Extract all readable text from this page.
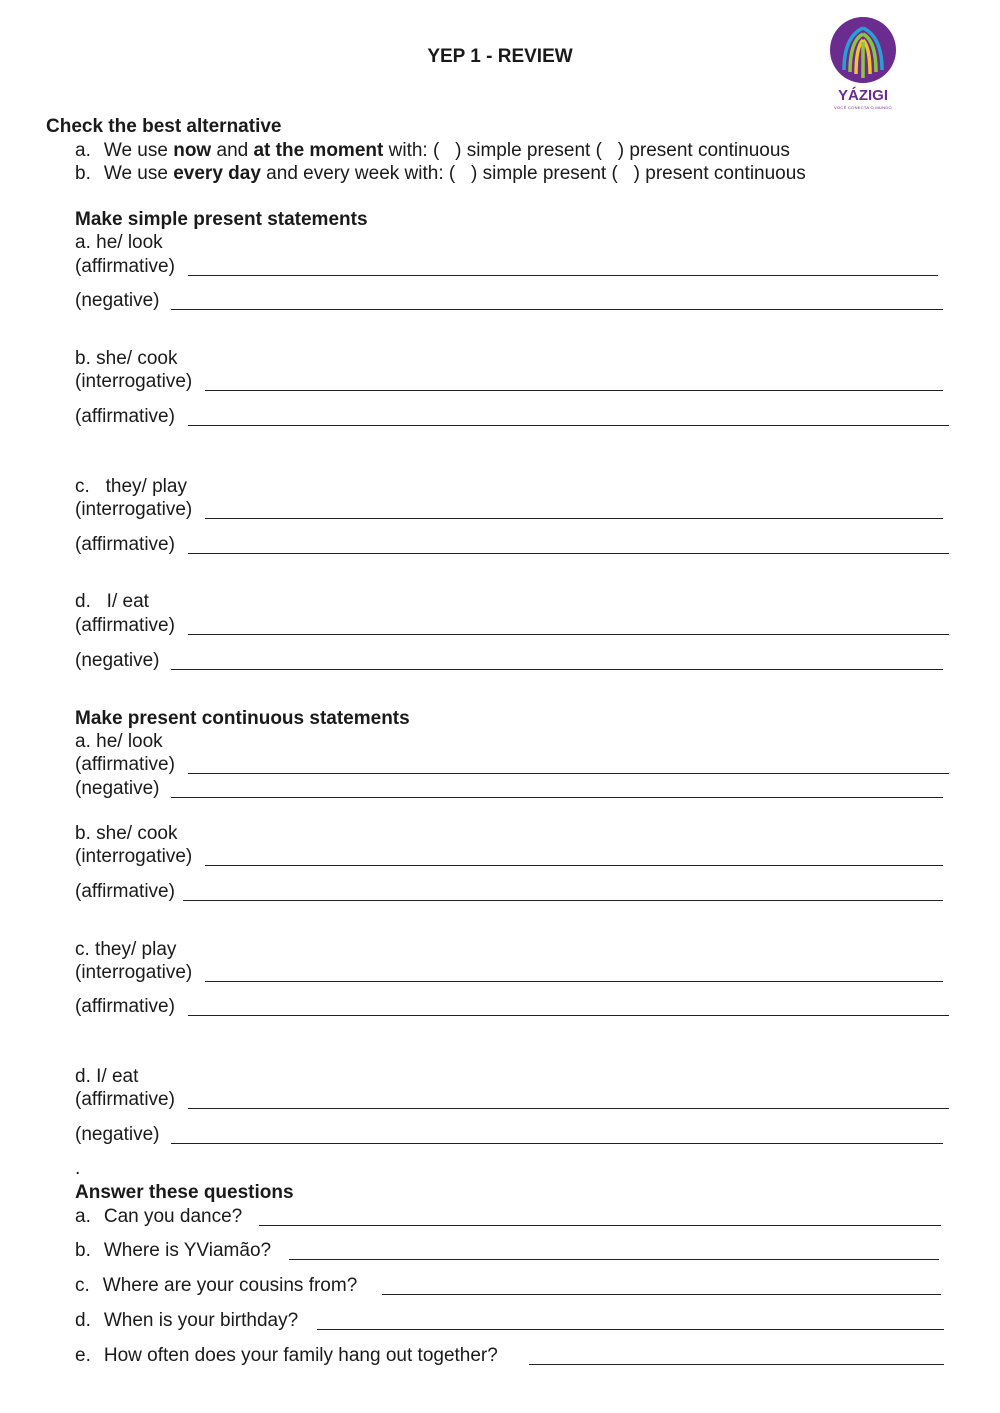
YEP 1 - REVIEW
YÁZIGI
VOCÊ CONECTA O MUNDO
Check the best alternative
a. We use now and at the moment with: (   ) simple present (   ) present continuous
b. We use every day and every week with: (   ) simple present (   ) present continuous
Make simple present statements
a. he/ look
(affirmative)
(negative)
b. she/ cook
(interrogative)
(affirmative)
c.   they/ play
(interrogative)
(affirmative)
d.   I/ eat
(affirmative)
(negative)
Make present continuous statements
a. he/ look
(affirmative)
(negative)
b. she/ cook
(interrogative)
(affirmative)
c. they/ play
(interrogative)
(affirmative)
d. I/ eat
(affirmative)
(negative)
.
Answer these questions
a. Can you dance?
b. Where is YViamão?
c. Where are your cousins from?
d. When is your birthday?
e. How often does your family hang out together?
